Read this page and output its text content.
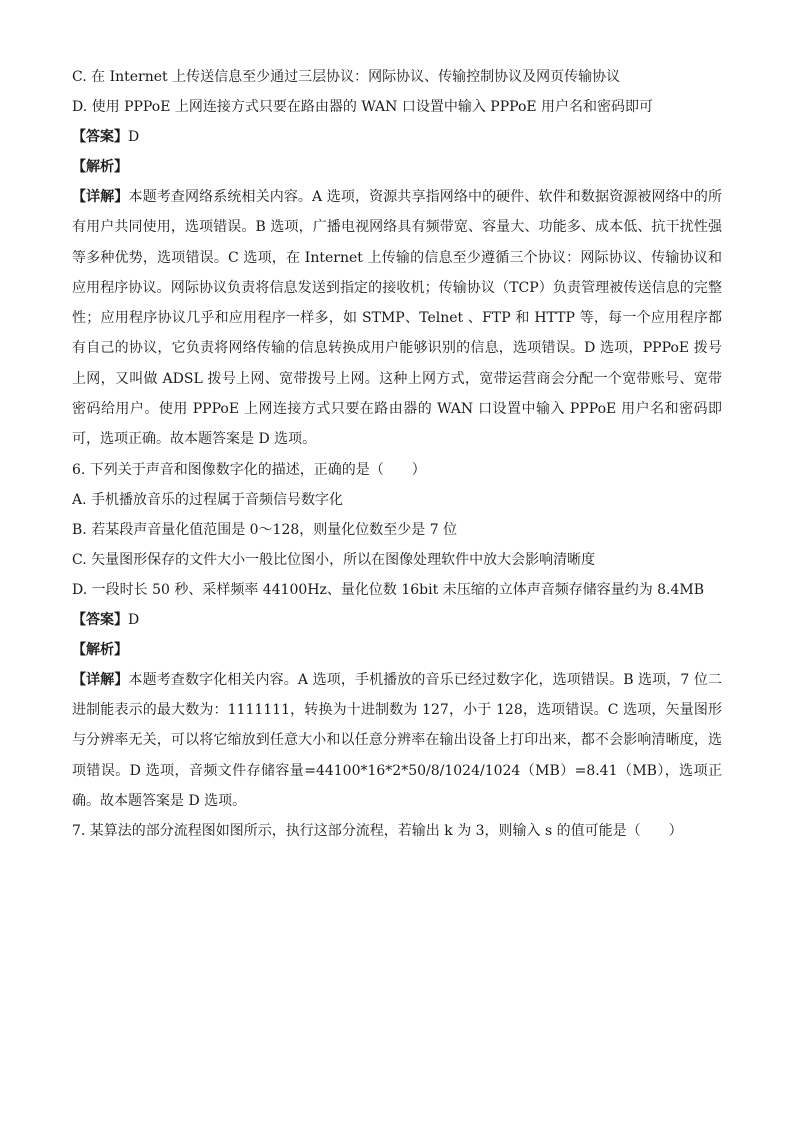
C. 在 Internet 上传送信息至少通过三层协议：网际协议、传输控制协议及网页传输协议
D. 使用 PPPoE 上网连接方式只要在路由器的 WAN 口设置中输入 PPPoE 用户名和密码即可
【答案】D
【解析】
【详解】本题考查网络系统相关内容。A 选项，资源共享指网络中的硬件、软件和数据资源被网络中的所有用户共同使用，选项错误。B 选项，广播电视网络具有频带宽、容量大、功能多、成本低、抗干扰性强等多种优势，选项错误。C 选项，在 Internet 上传输的信息至少遵循三个协议：网际协议、传输协议和应用程序协议。网际协议负责将信息发送到指定的接收机；传输协议（TCP）负责管理被传送信息的完整性；应用程序协议几乎和应用程序一样多，如 STMP、Telnet 、FTP 和 HTTP 等，每一个应用程序都有自己的协议，它负责将网络传输的信息转换成用户能够识别的信息，选项错误。D 选项，PPPoE 拨号上网，又叫做 ADSL 拨号上网、宽带拨号上网。这种上网方式，宽带运营商会分配一个宽带账号、宽带密码给用户。使用 PPPoE 上网连接方式只要在路由器的 WAN 口设置中输入 PPPoE 用户名和密码即可，选项正确。故本题答案是 D 选项。
6. 下列关于声音和图像数字化的描述，正确的是（　　）
A. 手机播放音乐的过程属于音频信号数字化
B. 若某段声音量化值范围是 0～128，则量化位数至少是 7 位
C. 矢量图形保存的文件大小一般比位图小，所以在图像处理软件中放大会影响清晰度
D. 一段时长 50 秒、采样频率 44100Hz、量化位数 16bit 未压缩的立体声音频存储容量约为 8.4MB
【答案】D
【解析】
【详解】本题考查数字化相关内容。A 选项，手机播放的音乐已经过数字化，选项错误。B 选项，7 位二进制能表示的最大数为：1111111，转换为十进制数为 127，小于 128，选项错误。C 选项，矢量图形与分辨率无关，可以将它缩放到任意大小和以任意分辨率在输出设备上打印出来，都不会影响清晰度，选项错误。D 选项，音频文件存储容量=44100*16*2*50/8/1024/1024（MB）=8.41（MB），选项正确。故本题答案是 D 选项。
7. 某算法的部分流程图如图所示，执行这部分流程，若输出 k 为 3，则输入 s 的值可能是（　　）
